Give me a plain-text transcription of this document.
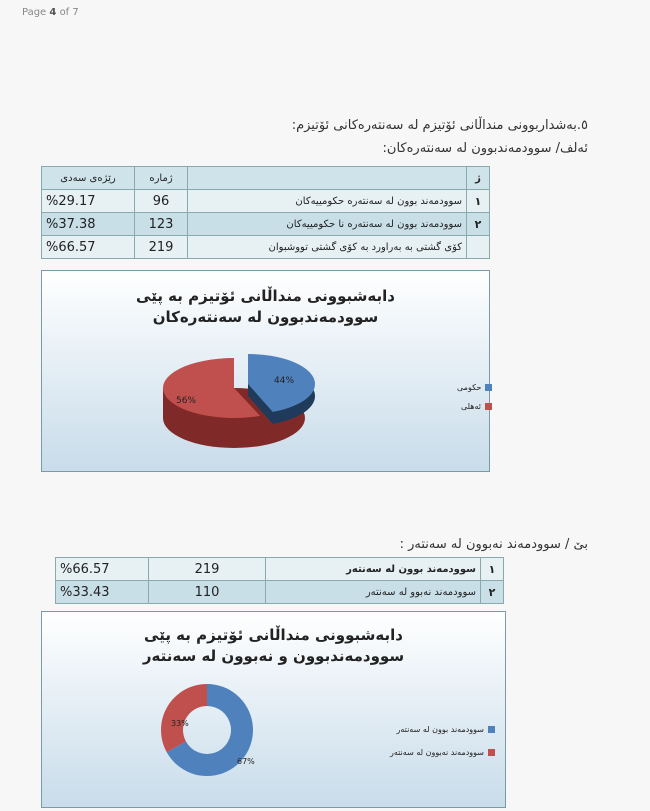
Page 4 of 7
٥.بەشداربوونی منداڵانی ئۆتیزم لە سەنتەرەکانی ئۆتیزم:
ئەلف/ سوودمەندبوون لە سەنتەرەکان:
رێژەی سەدی	ژمارە		ژ
%29.17	96	سوودمەند بوون لە سەنتەرە حکومییەکان	١
%37.38	123	سوودمەند بوون لە سەنتەرە نا حکومییەکان	٢
%66.57	219	کۆی گشتی بە بەراورد بە کۆی گشتی تووشبوان	
دابەشبوونی منداڵانی ئۆتیزم بە پێی سوودمەندبوون لە سەنتەرەکان
44%
56%
حکومی
ئەهلی
بێ / سوودمەند نەبوون لە سەنتەر :
%66.57	219	سوودمەند بوون لە سەنتەر	١
%33.43	110	سوودمەند نەبوو لە سەنتەر	٢
دابەشبوونی منداڵانی ئۆتیزم بە پێی سوودمەندبوون و نەبوون لە سەنتەر
67%
33%
سوودمەند بوون لە سەنتەر
سوودمەند نەبوون لە سەنتەر
